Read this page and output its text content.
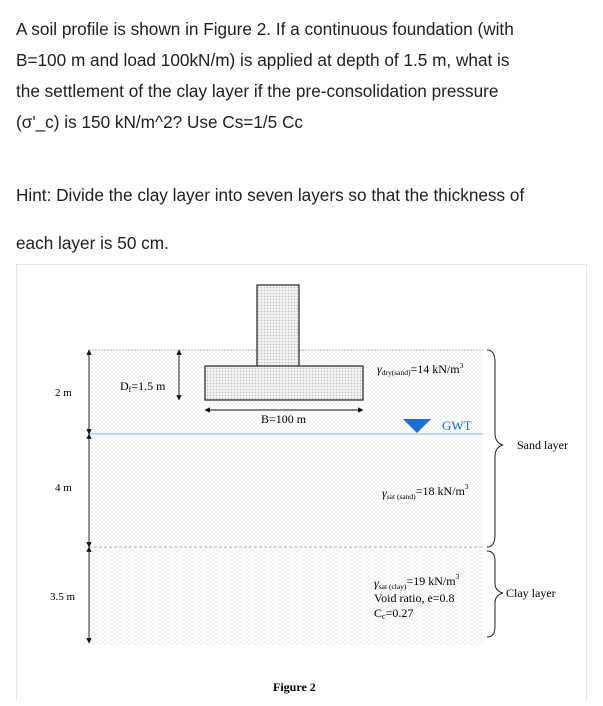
A soil profile is shown in Figure 2. If a continuous foundation (with

B=100 m and load 100kN/m) is applied at depth of 1.5 m, what is

the settlement of the clay layer if the pre-consolidation pressure

(σ'_c) is 150 kN/m^2? Use Cs=1/5 Cc

Hint: Divide the clay layer into seven layers so that the thickness of

each layer is 50 cm.

2 m
4 m
3.5 m
Df=1.5 m
B=100 m	GWT
γdry(sand)=14 $kN/m^3$
γsat (sand)=18 $kN/m^3$
γsat (clay)=19 $kN/m^3$
Void ratio, e=0.8
Cc=0.27
Sand layer
Clay layer
Figure 2
